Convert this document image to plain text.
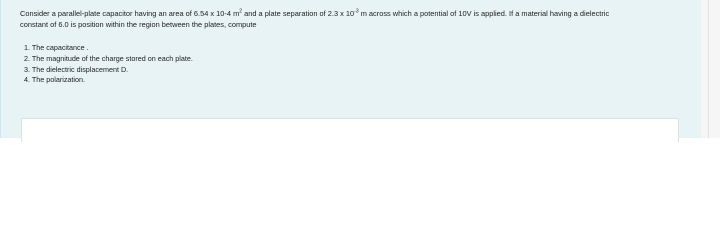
Consider a parallel-plate capacitor having an area of 6.54 x 10-4 $m^2$ and a plate separation of 2.3 x $10^{-3}$ m across which a potential of 10V is applied. If a material having a dielectric
constant of 6.0 is position within the region between the plates, compute
1. The capacitance .
2. The magnitude of the charge stored on each plate.
3. The dielectric displacement D.
4. The polarization.
